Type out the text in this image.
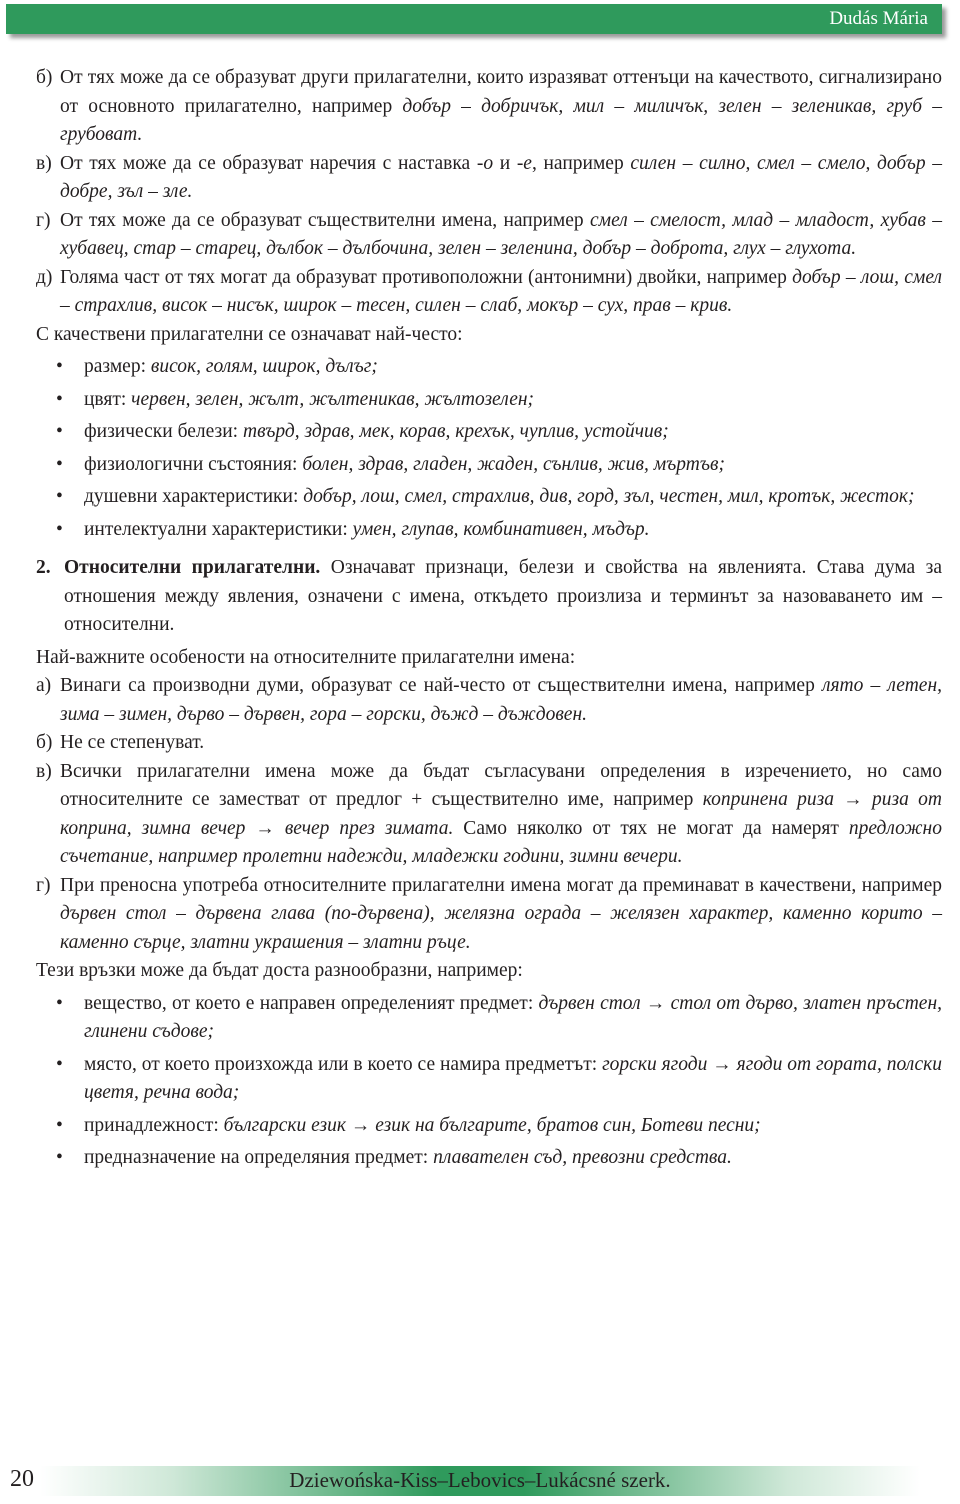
Dudás Mária
б) От тях може да се образуват други прилагателни, които изразяват оттенъци на качеството, сигнализирано от основното прилагателно, например добър – добричък, мил – миличък, зелен – зеленикав, груб – грубоват.
в) От тях може да се образуват наречия с наставка -о и -е, например силен – силно, смел – смело, добър – добре, зъл – зле.
г) От тях може да се образуват съществителни имена, например смел – смелост, млад – младост, хубав – хубавец, стар – старец, дълбок – дълбочина, зелен – зеленина, добър – доброта, глух – глухота.
д) Голяма част от тях могат да образуват противоположни (антонимни) двойки, например добър – лош, смел – страхлив, висок – нисък, широк – тесен, силен – слаб, мокър – сух, прав – крив.

С качествени прилагателни се означават най-често:

•	размер: висок, голям, широк, дълъг;
•	цвят: червен, зелен, жълт, жълтеникав, жълтозелен;
•	физически белези: твърд, здрав, мек, корав, крехък, чуплив, устойчив;
•	физиологични състояния: болен, здрав, гладен, жаден, сънлив, жив, мъртъв;
•	душевни характеристики: добър, лош, смел, страхлив, див, горд, зъл, честен, мил, кротък, жесток;
•	интелектуални характеристики: умен, глупав, комбинативен, мъдър.
2. Относителни прилагателни. Означават признаци, белези и свойства на явленията. Става дума за отношения между явления, означени с имена, откъдето произлиза и терминът за назоваването им – относителни.

Най-важните особености на относителните прилагателни имена:

а) Винаги са производни думи, образуват се най-често от съществителни имена, например лято – летен, зима – зимен, дърво – дървен, гора – горски, дъжд – дъждовен.
б) Не се степенуват.
в) Всички прилагателни имена може да бъдат съгласувани определения в изречението, но само относителните се заместват от предлог + съществително име, например копринена риза → риза от коприна, зимна вечер → вечер през зимата. Само няколко от тях не могат да намерят предложно съчетание, например пролетни надежди, младежки години, зимни вечери.
г) При преносна употреба относителните прилагателни имена могат да преминават в качествени, например дървен стол – дървена глава (по-дървена), желязна ограда – желязен характер, каменно корито – каменно сърце, златни украшения – златни ръце.

Тези връзки може да бъдат доста разнообразни, например:

•	вещество, от което е направен определеният предмет: дървен стол → стол от дърво, златен пръстен, глинени съдове;
•	място, от което произхожда или в което се намира предметът: горски ягоди → ягоди от гората, полски цветя, речна вода;
•	принадлежност: български език → език на българите, братов син, Ботеви песни;
•	предназначение на определяния предмет: плавателен съд, превозни средства.
20	Dziewońska-Kiss–Lebovics–Lukácsné szerk.
